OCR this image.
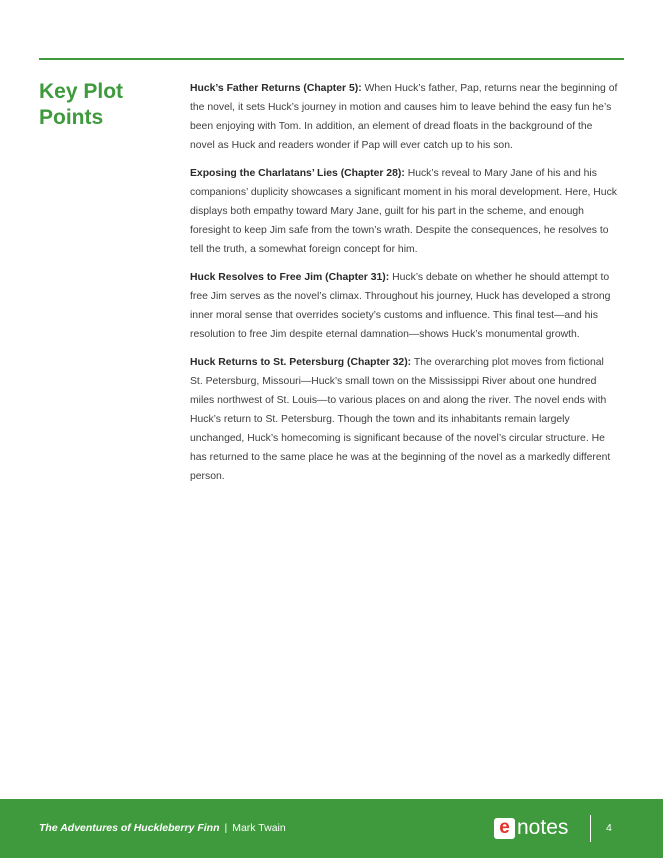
Key Plot Points

Huck’s Father Returns (Chapter 5): When Huck’s father, Pap, returns near the beginning of the novel, it sets Huck’s journey in motion and causes him to leave behind the easy fun he’s been enjoying with Tom. In addition, an element of dread floats in the background of the novel as Huck and readers wonder if Pap will ever catch up to his son.

Exposing the Charlatans’ Lies (Chapter 28): Huck’s reveal to Mary Jane of his and his companions’ duplicity showcases a significant moment in his moral development. Here, Huck displays both empathy toward Mary Jane, guilt for his part in the scheme, and enough foresight to keep Jim safe from the town’s wrath. Despite the consequences, he resolves to tell the truth, a somewhat foreign concept for him.

Huck Resolves to Free Jim (Chapter 31): Huck’s debate on whether he should attempt to free Jim serves as the novel’s climax. Throughout his journey, Huck has developed a strong inner moral sense that overrides society’s customs and influence. This final test—and his resolution to free Jim despite eternal damnation—shows Huck’s monumental growth.

Huck Returns to St. Petersburg (Chapter 32): The overarching plot moves from fictional St. Petersburg, Missouri—Huck’s small town on the Mississippi River about one hundred miles northwest of St. Louis—to various places on and along the river. The novel ends with Huck’s return to St. Petersburg. Though the town and its inhabitants remain largely unchanged, Huck’s homecoming is significant because of the novel’s circular structure. He has returned to the same place he was at the beginning of the novel as a markedly different person.

The Adventures of Huckleberry Finn | Mark Twain	e notes	4
